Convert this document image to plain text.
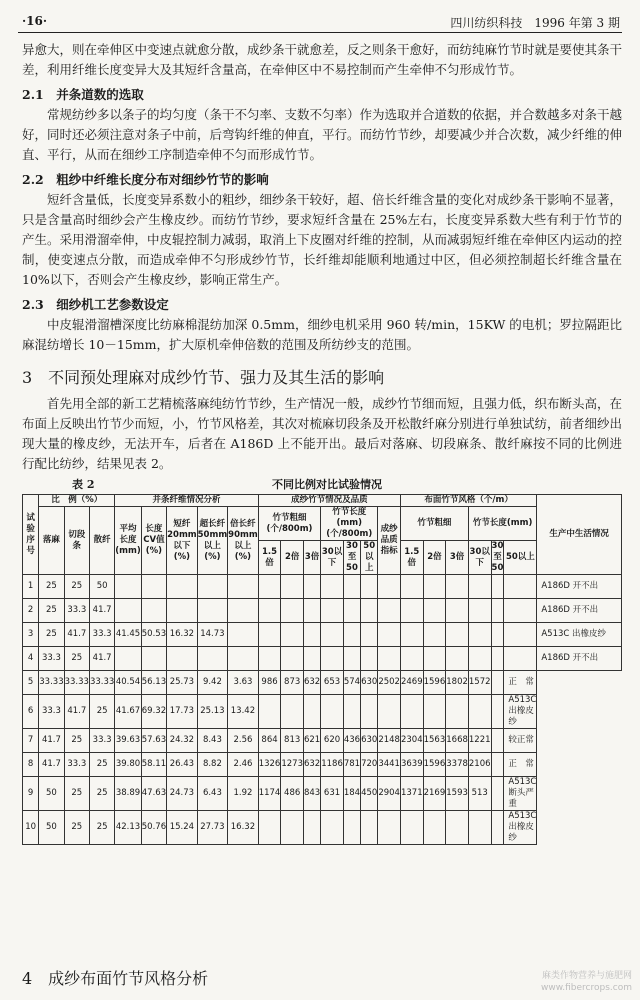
·16·	四川纺织科技　1996 年第 3 期

异愈大，则在牵伸区中变速点就愈分散，成纱条干就愈差，反之则条干愈好，而纺纯麻竹节时就是要使其条干差，利用纤维长度变异大及其短纤含量高，在牵伸区中不易控制而产生牵伸不匀形成竹节。

2.1　并条道数的选取

常规纺纱多以条子的均匀度（条干不匀率、支数不匀率）作为选取并合道数的依据，并合数越多对条干越好，同时还必须注意对条子中前，后弯钩纤维的伸直，平行。而纺竹节纱，却要减少并合次数，减少纤维的伸直、平行，从而在细纱工序制造牵伸不匀而形成竹节。

2.2　粗纱中纤维长度分布对细纱竹节的影响

短纤含量低，长度变异系数小的粗纱，细纱条干较好，超、倍长纤维含量的变化对成纱条干影响不显著，只是含量高时细纱会产生橡皮纱。而纺竹节纱，要求短纤含量在 25%左右，长度变异系数大些有利于竹节的产生。采用滑溜牵伸，中皮辊控制力减弱，取消上下皮圈对纤维的控制，从而减弱短纤维在牵伸区内运动的控制，使变速点分散，而造成牵伸不匀形成纱竹节，长纤维却能顺利地通过中区，但必须控制超长纤维含量在 10%以下，否则会产生橡皮纱，影响正常生产。

2.3　细纱机工艺参数设定

中皮辊滑溜槽深度比纺麻棉混纺加深 0.5mm，细纱电机采用 960 转/min，15KW 的电机；罗拉隔距比麻混纺增长 10－15mm，扩大原机牵伸倍数的范围及所纺纱支的范围。

3　不同预处理麻对成纱竹节、强力及其生活的影响

首先用全部的新工艺精梳落麻纯纺竹节纱，生产情况一般，成纱竹节细而短，且强力低，织布断头高，在布面上反映出竹节少而短，小，竹节风格差，其次对梳麻切段条及开松散纤麻分别进行单独试纺，前者细纱出现大量的橡皮纱，无法开车，后者在 A186D 上不能开出。最后对落麻、切段麻条、散纤麻按不同的比例进行配比纺纱，结果见表 2。

表 2	不同比例对比试验情况
试验序号	比　例（%）			并条纤维情况分析					成纱竹节情况及品质							布面竹节风格（个/m）						生产中生活情况
	落麻	切段条	散纤	平均长度(mm)	长度CV值(%)	短纤20mm以下(%)	超长纤50mm以上(%)	倍长纤90mm以上(%)	竹节粗细(个/800m)			竹节长度(mm)(个/800m)			成纱品质指标	竹节粗细			竹节长度(mm)			
									1.5倍	2倍	3倍	30以下	30至50	50以上		1.5倍	2倍	3倍	30以下	30至50	50以上	
1	25	25	50																			A186D 开不出
2	25	33.3	41.7																			A186D 开不出
3	25	41.7	33.3	41.45	50.53	16.32	14.73															A513C 出橡皮纱
4	33.3	25	41.7																			A186D 开不出
5	33.33	33.33	33.33	40.54	56.13	25.73	9.42	3.63	986	873	632	653	574	630	2502	2469	1596	1802	1572		正　常	
6	33.3	41.7	25	41.67	69.32	17.73	25.13	13.42													A513C 出橡皮纱	
7	41.7	25	33.3	39.63	57.63	24.32	8.43	2.56	864	813	621	620	436	630	2148	2304	1563	1668	1221		较正常	
8	41.7	33.3	25	39.80	58.11	26.43	8.82	2.46	1326	1273	632	1186	781	720	3441	3639	1596	3378	2106		正　常	
9	50	25	25	38.89	47.63	24.73	6.43	1.92	1174	486	843	631	184	450	2904	1371	2169	1593	513		A513C 断头严重	
10	50	25	25	42.13	50.76	15.24	27.73	16.32													A513C 出橡皮纱	
4　成纱布面竹节风格分析	麻类作物营养与施肥网
www.fibercrops.com
